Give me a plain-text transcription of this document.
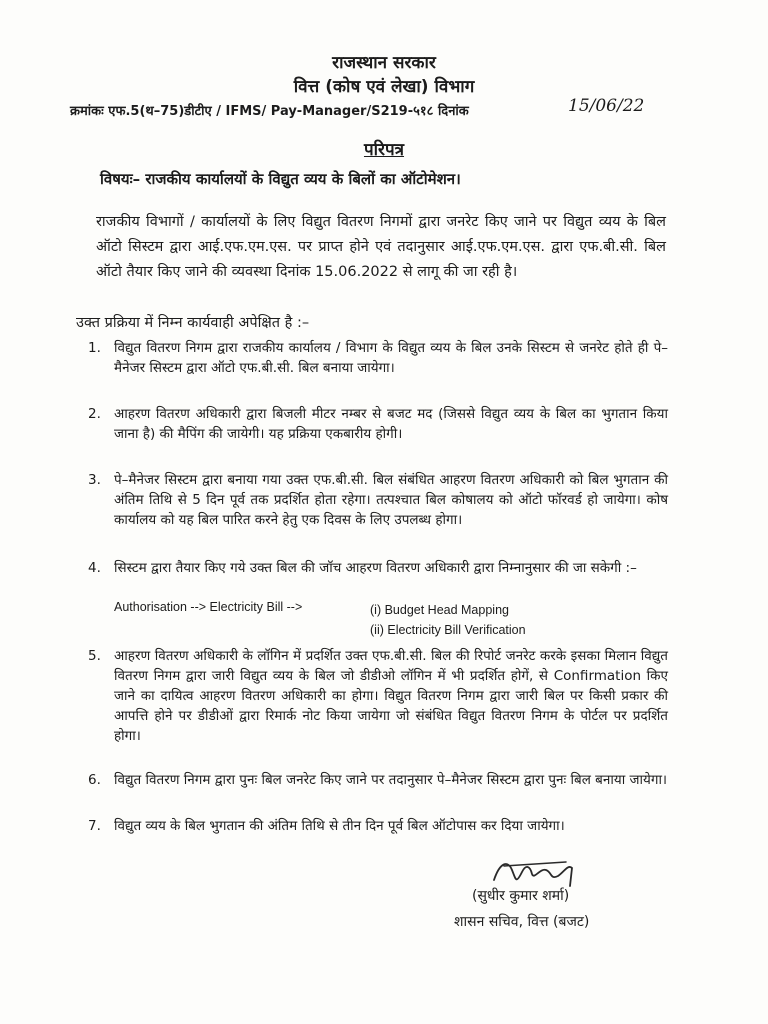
राजस्थान सरकार
वित्त (कोष एवं लेखा) विभाग
क्रमांकः एफ.5(थ–75)डीटीए / IFMS/ Pay-Manager/S219-५१८ दिनांक	15/06/22
परिपत्र
विषयः– राजकीय कार्यालयों के विद्युत व्यय के बिलों का ऑटोमेशन।
राजकीय विभागों / कार्यालयों के लिए विद्युत वितरण निगमों द्वारा जनरेट किए जाने पर विद्युत व्यय के बिल ऑटो सिस्टम द्वारा आई.एफ.एम.एस. पर प्राप्त होने एवं तदानुसार आई.एफ.एम.एस. द्वारा एफ.बी.सी. बिल ऑटो तैयार किए जाने की व्यवस्था दिनांक 15.06.2022 से लागू की जा रही है।
उक्त प्रक्रिया में निम्न कार्यवाही अपेक्षित है :–
1. विद्युत वितरण निगम द्वारा राजकीय कार्यालय / विभाग के विद्युत व्यय के बिल उनके सिस्टम से जनरेट होते ही पे–मैनेजर सिस्टम द्वारा ऑटो एफ.बी.सी. बिल बनाया जायेगा।
2. आहरण वितरण अधिकारी द्वारा बिजली मीटर नम्बर से बजट मद (जिससे विद्युत व्यय के बिल का भुगतान किया जाना है) की मैपिंग की जायेगी। यह प्रक्रिया एकबारीय होगी।
3. पे–मैनेजर सिस्टम द्वारा बनाया गया उक्त एफ.बी.सी. बिल संबंधित आहरण वितरण अधिकारी को बिल भुगतान की अंतिम तिथि से 5 दिन पूर्व तक प्रदर्शित होता रहेगा। तत्पश्चात बिल कोषालय को ऑटो फॉरवर्ड हो जायेगा। कोष कार्यालय को यह बिल पारित करने हेतु एक दिवस के लिए उपलब्ध होगा।
4. सिस्टम द्वारा तैयार किए गये उक्त बिल की जॉच आहरण वितरण अधिकारी द्वारा निम्नानुसार की जा सकेगी :–
Authorisation --> Electricity Bill -->	(i) Budget Head Mapping
(ii) Electricity Bill Verification
5. आहरण वितरण अधिकारी के लॉगिन में प्रदर्शित उक्त एफ.बी.सी. बिल की रिपोर्ट जनरेट करके इसका मिलान विद्युत वितरण निगम द्वारा जारी विद्युत व्यय के बिल जो डीडीओ लॉगिन में भी प्रदर्शित होगें, से Confirmation किए जाने का दायित्व आहरण वितरण अधिकारी का होगा। विद्युत वितरण निगम द्वारा जारी बिल पर किसी प्रकार की आपत्ति होने पर डीडीओं द्वारा रिमार्क नोट किया जायेगा जो संबंधित विद्युत वितरण निगम के पोर्टल पर प्रदर्शित होगा।
6. विद्युत वितरण निगम द्वारा पुनः बिल जनरेट किए जाने पर तदानुसार पे–मैनेजर सिस्टम द्वारा पुनः बिल बनाया जायेगा।
7. विद्युत व्यय के बिल भुगतान की अंतिम तिथि से तीन दिन पूर्व बिल ऑटोपास कर दिया जायेगा।
(सुधीर कुमार शर्मा)
शासन सचिव, वित्त (बजट)
